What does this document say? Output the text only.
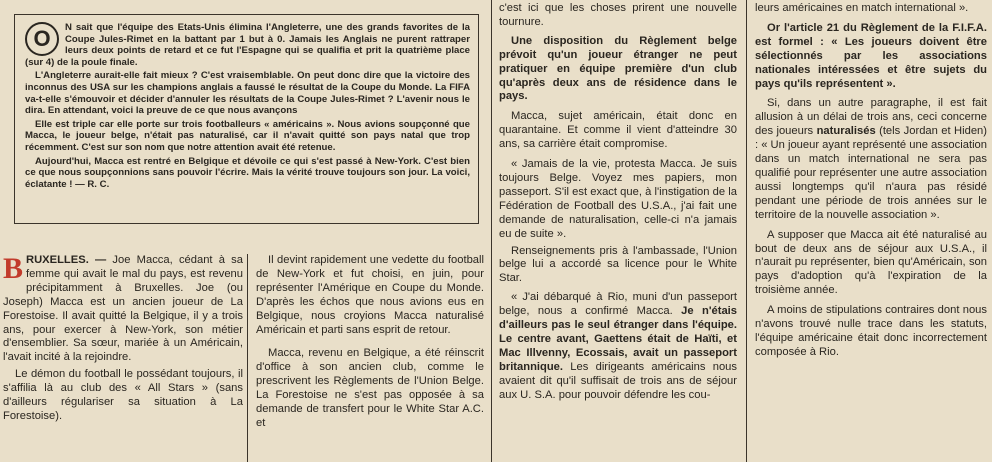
O	N sait que l'équipe des Etats-Unis élimina l'Angleterre, une des grands favorites de la Coupe Jules-Rimet en la battant par 1 but à 0. Jamais les Anglais ne purent rattraper leurs deux points de retard et ce fut l'Espagne qui se qualifia et prit la quatrième place (sur 4) de la poule finale.

L'Angleterre aurait-elle fait mieux ? C'est vraisemblable. On peut donc dire que la victoire des inconnus des USA sur les champions anglais a faussé le résultat de la Coupe du Monde. La FIFA va-t-elle s'émouvoir et décider d'annuler les résultats de la Coupe Jules-Rimet ? L'avenir nous le dira. En attendant, voici la preuve de ce que nous avançons

Elle est triple car elle porte sur trois footballeurs « américains ». Nous avions soupçonné que Macca, le joueur belge, n'était pas naturalisé, car il n'avait quitté son pays natal que trop récemment. C'est sur son nom que notre attention avait été retenue.

Aujourd'hui, Macca est rentré en Belgique et dévoile ce qui s'est passé à New-York. C'est bien ce que nous soupçonnions sans pouvoir l'écrire. Mais la vérité trouve toujours son jour. La voici, éclatante ! — R. C.

B RUXELLES. — Joe Macca, cédant à sa femme qui avait le mal du pays, est revenu précipitamment à Bruxelles. Joe (ou Joseph) Macca est un ancien joueur de La Forestoise. Il avait quitté la Belgique, il y a trois ans, pour exercer à New-York, son métier d'ensemblier. Sa sœur, mariée à un Américain, l'avait incité à la rejoindre.

Le démon du football le possédant toujours, il s'affilia là au club des « All Stars » (sans d'ailleurs régulariser sa situation à La Forestoise).

Il devint rapidement une vedette du football de New-York et fut choisi, en juin, pour représenter l'Amérique en Coupe du Monde. D'après les échos que nous avions eus en Belgique, nous croyions Macca naturalisé Américain et parti sans esprit de retour.

Macca, revenu en Belgique, a été réinscrit d'office à son ancien club, comme le prescrivent les Règlements de l'Union Belge. La Forestoise ne s'est pas opposée à sa demande de transfert pour le White Star A.C. et

c'est ici que les choses prirent une nouvelle tournure.

Une disposition du Règlement belge prévoit qu'un joueur étranger ne peut pratiquer en équipe première d'un club qu'après deux ans de résidence dans le pays.

Macca, sujet américain, était donc en quarantaine. Et comme il vient d'atteindre 30 ans, sa carrière était compromise.

« Jamais de la vie, protesta Macca. Je suis toujours Belge. Voyez mes papiers, mon passeport. S'il est exact que, à l'instigation de la Fédération de Football des U.S.A., j'ai fait une demande de naturalisation, celle-ci n'a jamais eu de suite ».

Renseignements pris à l'ambassade, l'Union belge lui a accordé sa licence pour le White Star.

« J'ai débarqué à Rio, muni d'un passeport belge, nous a confirmé Macca. Je n'étais d'ailleurs pas le seul étranger dans l'équipe. Le centre avant, Gaettens était de Haïti, et Mac Illvenny, Ecossais, avait un passeport britannique. Les dirigeants américains nous avaient dit qu'il suffisait de trois ans de séjour aux U. S.A. pour pouvoir défendre les cou-

leurs américaines en match international ».

Or l'article 21 du Règlement de la F.I.F.A. est formel : « Les joueurs doivent être sélectionnés par les associations nationales intéressées et être sujets du pays qu'ils représentent ».

Si, dans un autre paragraphe, il est fait allusion à un délai de trois ans, ceci concerne des joueurs naturalisés (tels Jordan et Hiden) : « Un joueur ayant représenté une association dans un match international ne sera pas qualifié pour représenter une autre association aussi longtemps qu'il n'aura pas résidé pendant une période de trois années sur le territoire de la nouvelle association ».

A supposer que Macca ait été naturalisé au bout de deux ans de séjour aux U.S.A., il n'aurait pu représenter, bien qu'Américain, son pays d'adoption qu'à l'expiration de la troisième année.

A moins de stipulations contraires dont nous n'avons trouvé nulle trace dans les statuts, l'équipe américaine était donc incorrectement composée à Rio.
